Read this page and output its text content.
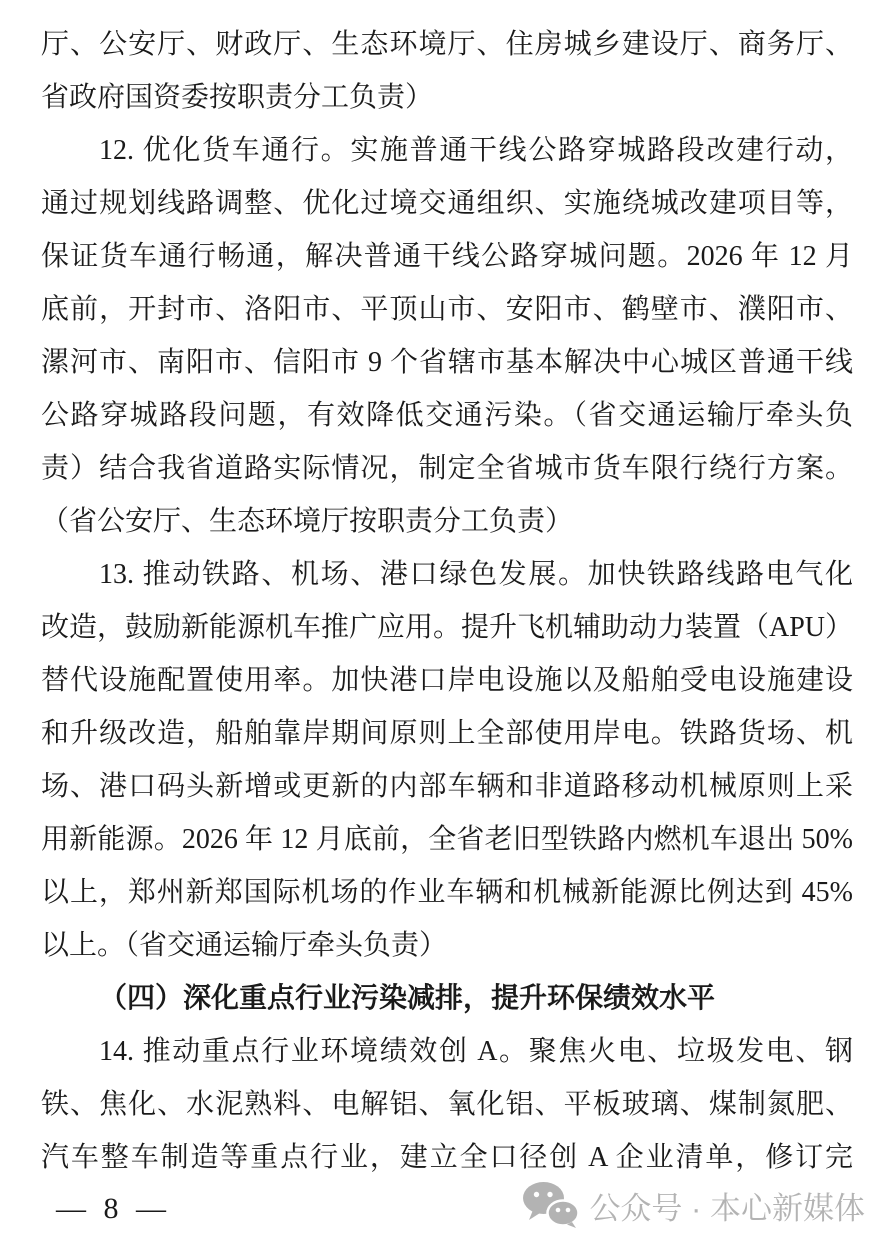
厅、公安厅、财政厅、生态环境厅、住房城乡建设厅、商务厅、
省政府国资委按职责分工负责）
12. 优化货车通行。实施普通干线公路穿城路段改建行动，
通过规划线路调整、优化过境交通组织、实施绕城改建项目等，
保证货车通行畅通，解决普通干线公路穿城问题。2026 年 12 月
底前，开封市、洛阳市、平顶山市、安阳市、鹤壁市、濮阳市、
漯河市、南阳市、信阳市 9 个省辖市基本解决中心城区普通干线
公路穿城路段问题，有效降低交通污染。（省交通运输厅牵头负
责）结合我省道路实际情况，制定全省城市货车限行绕行方案。
（省公安厅、生态环境厅按职责分工负责）
13. 推动铁路、机场、港口绿色发展。加快铁路线路电气化
改造，鼓励新能源机车推广应用。提升飞机辅助动力装置（APU）
替代设施配置使用率。加快港口岸电设施以及船舶受电设施建设
和升级改造，船舶靠岸期间原则上全部使用岸电。铁路货场、机
场、港口码头新增或更新的内部车辆和非道路移动机械原则上采
用新能源。2026 年 12 月底前，全省老旧型铁路内燃机车退出 50%
以上，郑州新郑国际机场的作业车辆和机械新能源比例达到 45%
以上。（省交通运输厅牵头负责）
（四）深化重点行业污染减排，提升环保绩效水平
14. 推动重点行业环境绩效创 A。聚焦火电、垃圾发电、钢
铁、焦化、水泥熟料、电解铝、氧化铝、平板玻璃、煤制氮肥、
汽车整车制造等重点行业，建立全口径创 A 企业清单，修订完
— 8 —	公众号 · 本心新媒体
